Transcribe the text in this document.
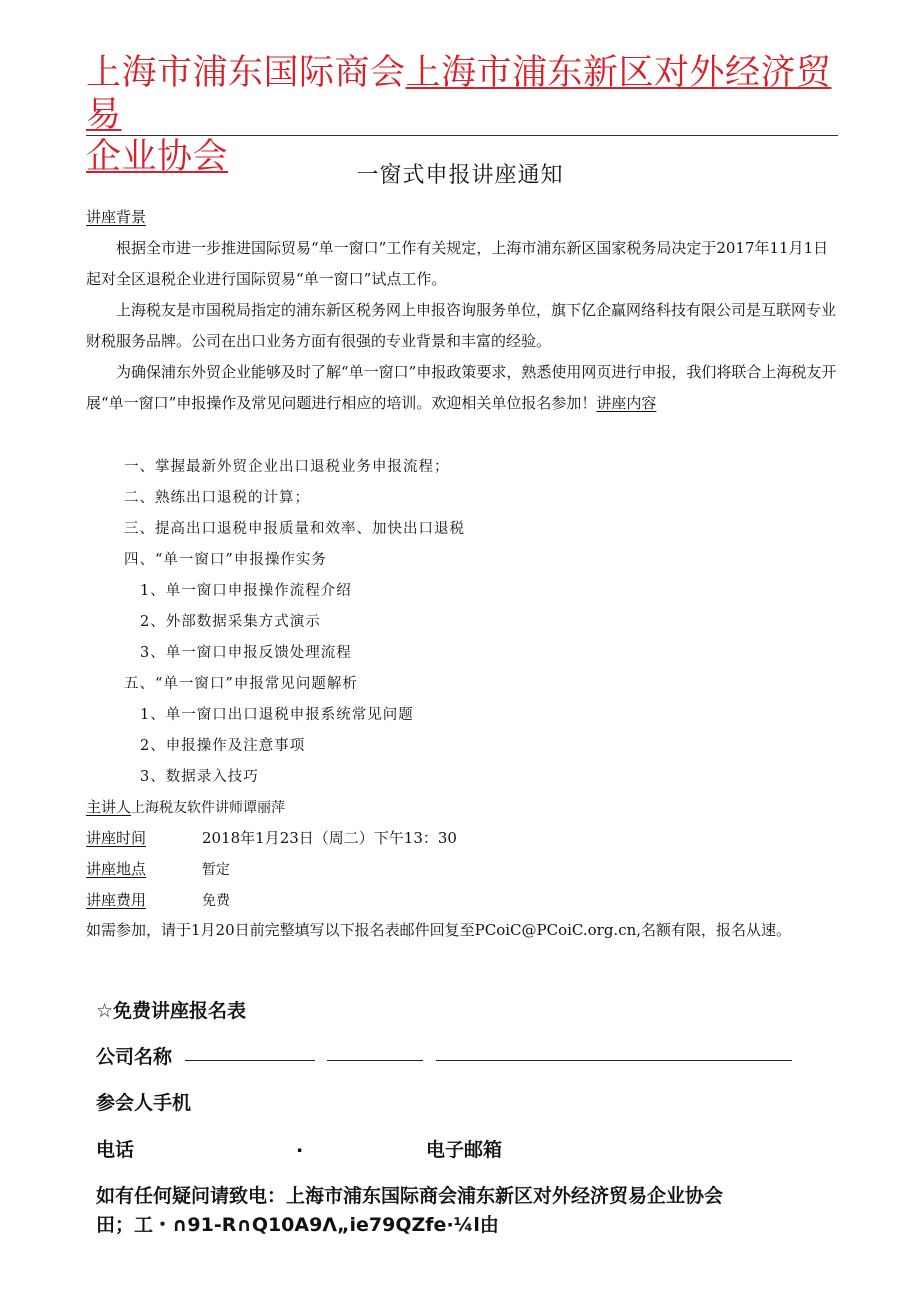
上海市浦东国际商会上海市浦东新区对外经济贸易
企业协会	一窗式申报讲座通知
讲座背景
根据全市进一步推进国际贸易“单一窗口”工作有关规定，上海市浦东新区国家税务局决定于2017年11月1日起对全区退税企业进行国际贸易“单一窗口”试点工作。
上海税友是市国税局指定的浦东新区税务网上申报咨询服务单位，旗下亿企赢网络科技有限公司是互联网专业财税服务品牌。公司在出口业务方面有很强的专业背景和丰富的经验。
为确保浦东外贸企业能够及时了解“单一窗口”申报政策要求，熟悉使用网页进行申报，我们将联合上海税友开展“单一窗口”申报操作及常见问题进行相应的培训。欢迎相关单位报名参加！讲座内容
一、掌握最新外贸企业出口退税业务申报流程；
二、熟练出口退税的计算；
三、提高出口退税申报质量和效率、加快出口退税
四、“单一窗口”申报操作实务
1、单一窗口申报操作流程介绍
2、外部数据采集方式演示
3、单一窗口申报反馈处理流程
五、“单一窗口”申报常见问题解析
1、单一窗口出口退税申报系统常见问题
2、申报操作及注意事项
3、数据录入技巧
主讲人上海税友软件讲师谭丽萍
讲座时间	2018年1月23日（周二）下午13：30
讲座地点	暂定
讲座费用	免费
如需参加，请于1月20日前完整填写以下报名表邮件回复至PCoiC@PCoiC.org.cn,名额有限，报名从速。
☆免费讲座报名表
公司名称
参会人手机
电话	.	电子邮箱
如有任何疑问请致电：上海市浦东国际商会浦东新区对外经济贸易企业协会
田；工・∩91-R∩Q10A9Λ„ie79QZfe·¼l由
